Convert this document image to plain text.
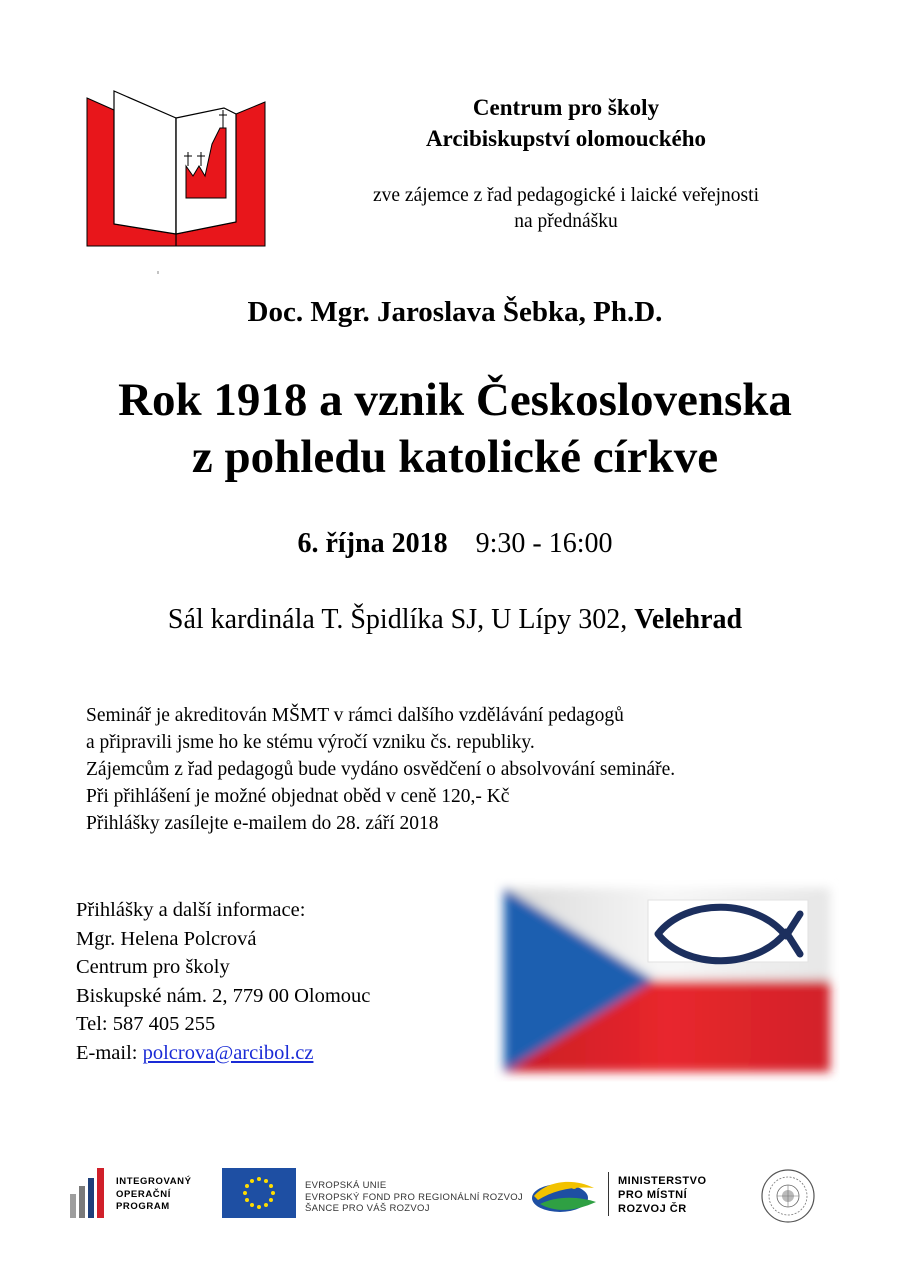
Centrum pro školy
Arcibiskupství olomouckého
zve zájemce z řad pedagogické i laické veřejnosti
na přednášku
Doc. Mgr. Jaroslava Šebka, Ph.D.
Rok 1918 a vznik Československa
z pohledu katolické církve
6. října 2018 9:30 - 16:00
Sál kardinála T. Špidlíka SJ, U Lípy 302, Velehrad
Seminář je akreditován MŠMT v rámci dalšího vzdělávání pedagogů
a připravili jsme ho ke stému výročí vzniku čs. republiky.
Zájemcům z řad pedagogů bude vydáno osvědčení o absolvování semináře.
Při přihlášení je možné objednat oběd v ceně 120,- Kč
Přihlášky zasílejte e-mailem do 28. září 2018
Přihlášky a další informace:
Mgr. Helena Polcrová
Centrum pro školy
Biskupské nám. 2, 779 00 Olomouc
Tel: 587 405 255
E-mail: polcrova@arcibol.cz
INTEGROVANÝ
OPERAČNÍ
PROGRAM
EVROPSKÁ UNIE
EVROPSKÝ FOND PRO REGIONÁLNÍ ROZVOJ
ŠANCE PRO VÁŠ ROZVOJ
MINISTERSTVO
PRO MÍSTNÍ
ROZVOJ ČR
